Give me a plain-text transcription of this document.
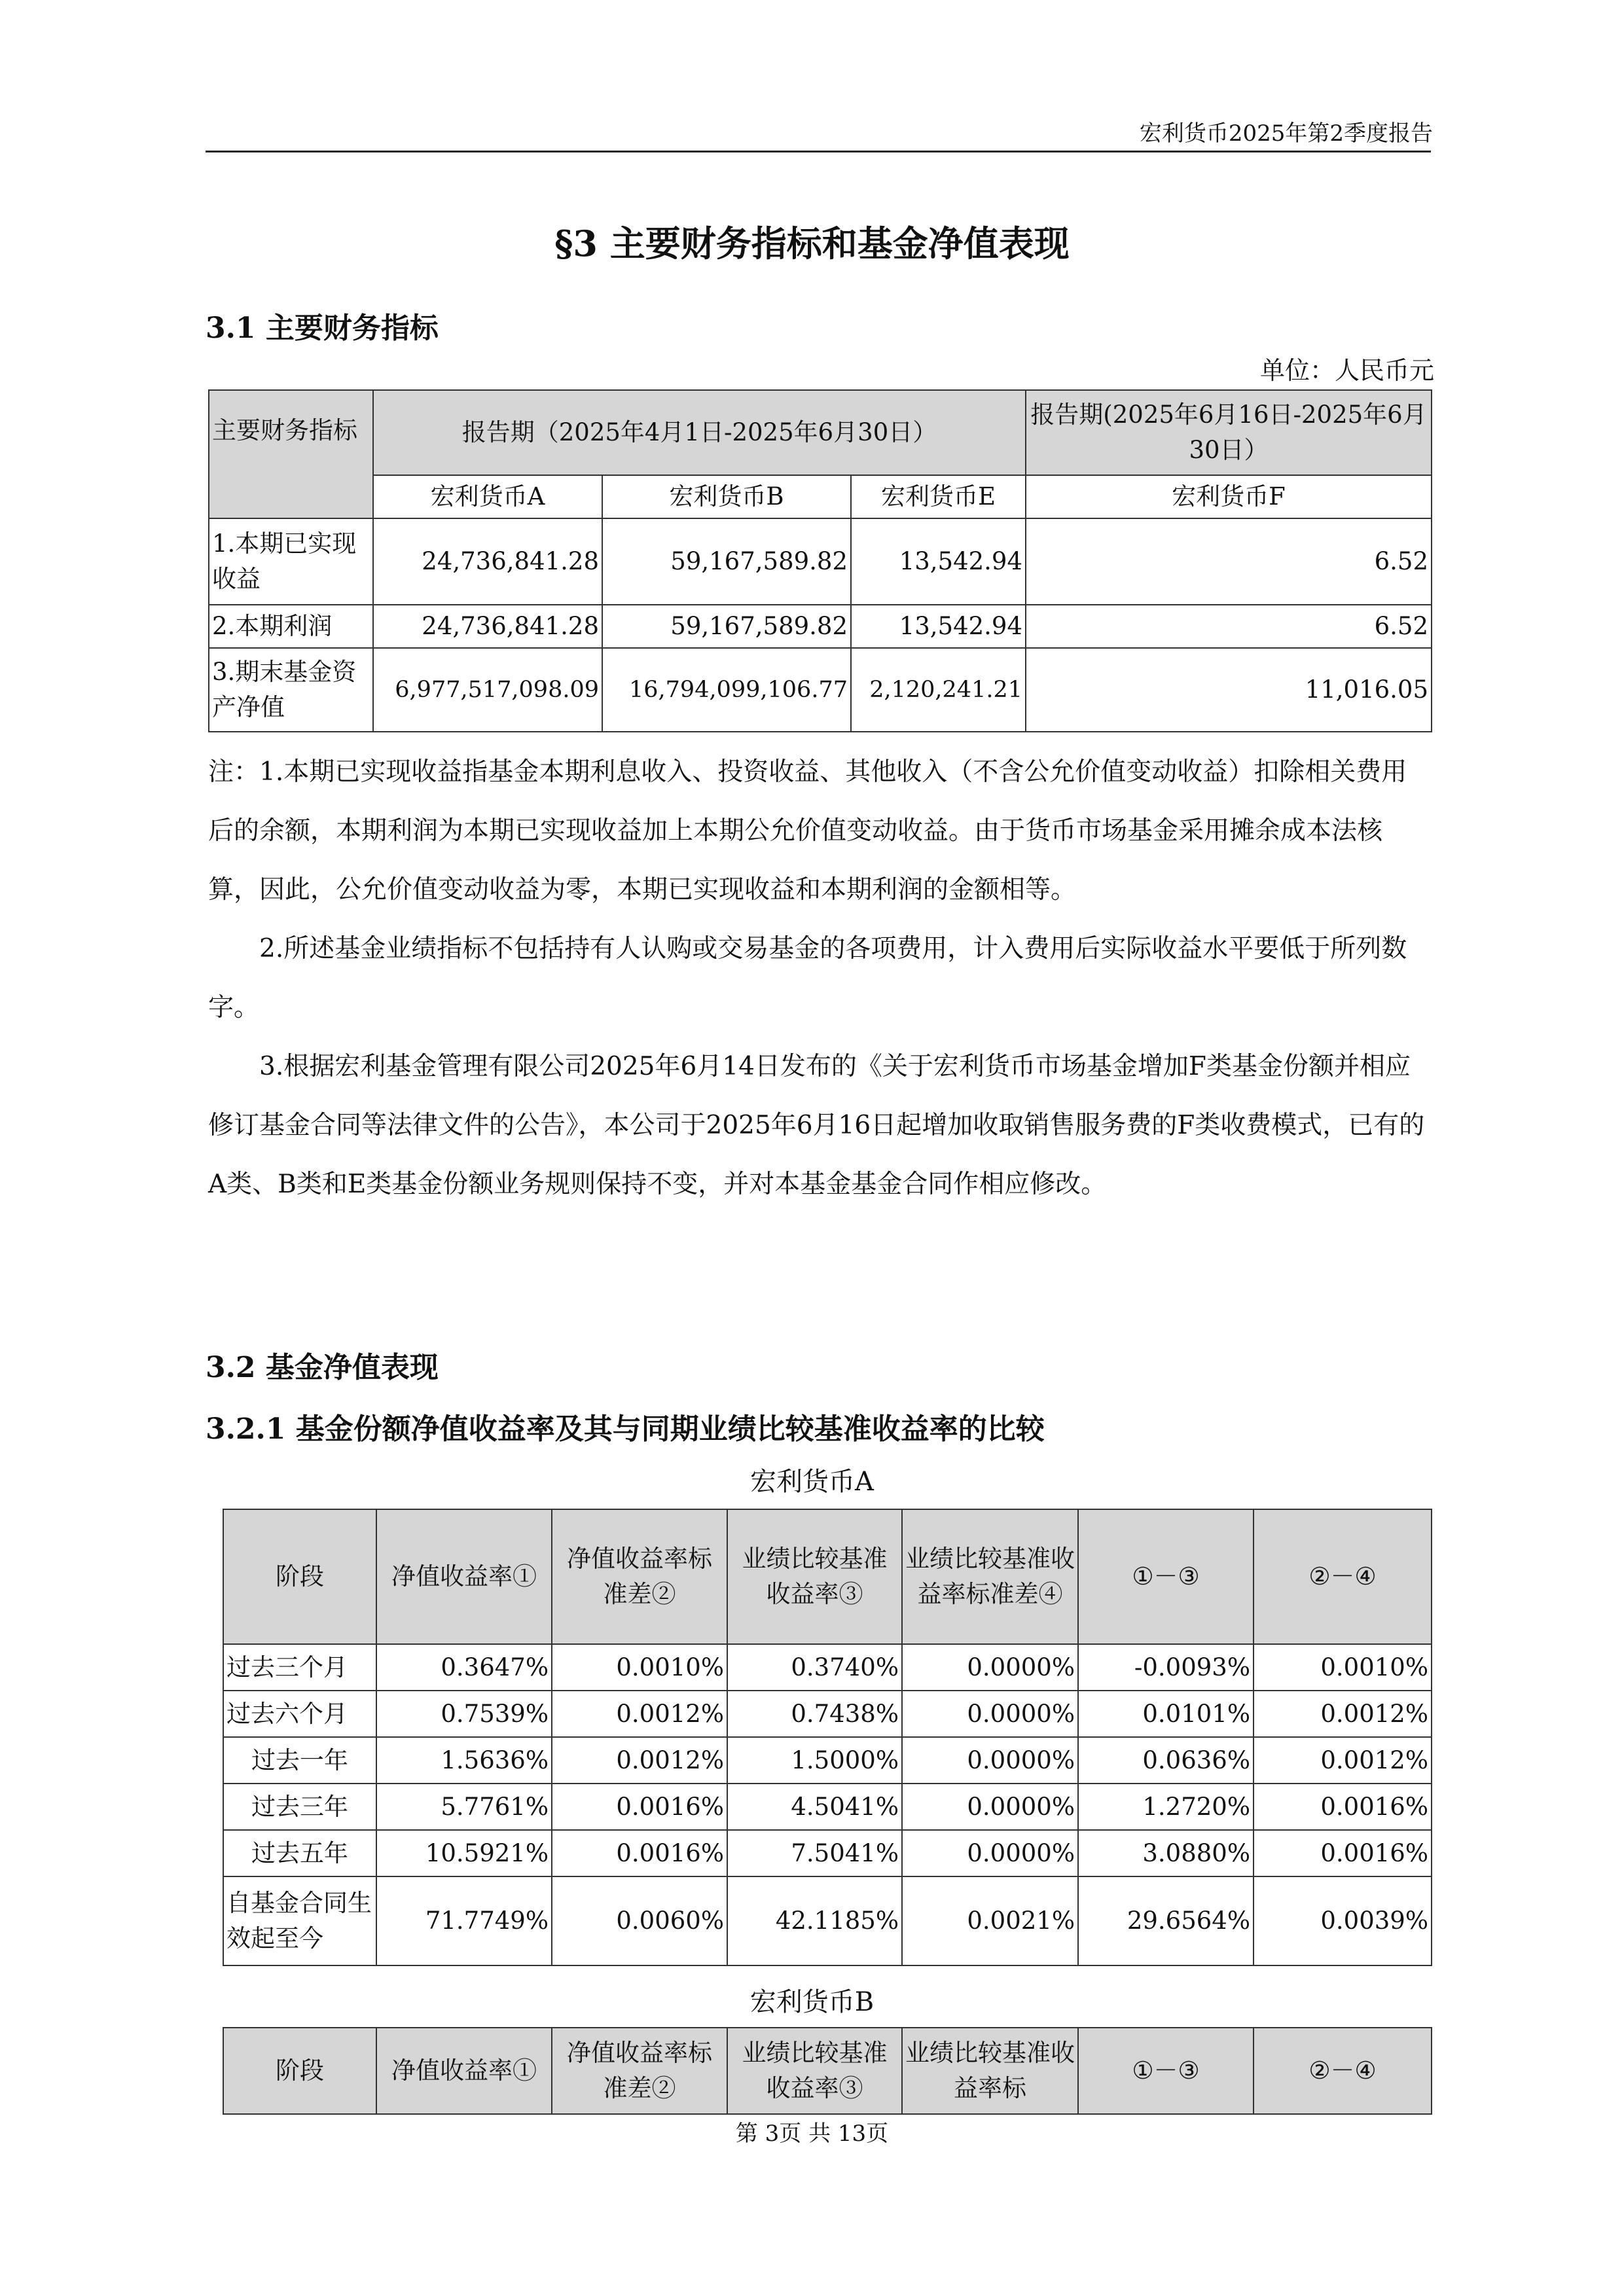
宏利货币2025年第2季度报告
§3 主要财务指标和基金净值表现
3.1 主要财务指标
单位：人民币元
主要财务指标	报告期（2025年4月1日-2025年6月30日）			报告期(2025年6月16日-2025年6月30日）
	宏利货币A	宏利货币B	宏利货币E	宏利货币F
1.本期已实现收益	24,736,841.28	59,167,589.82	13,542.94	6.52
2.本期利润	24,736,841.28	59,167,589.82	13,542.94	6.52
3.期末基金资产净值	6,977,517,098.09	16,794,099,106.77	2,120,241.21	11,016.05
注：1.本期已实现收益指基金本期利息收入、投资收益、其他收入（不含公允价值变动收益）扣除相关费用后的余额，本期利润为本期已实现收益加上本期公允价值变动收益。由于货币市场基金采用摊余成本法核算，因此，公允价值变动收益为零，本期已实现收益和本期利润的金额相等。
2.所述基金业绩指标不包括持有人认购或交易基金的各项费用，计入费用后实际收益水平要低于所列数字。
3.根据宏利基金管理有限公司2025年6月14日发布的《关于宏利货币市场基金增加F类基金份额并相应修订基金合同等法律文件的公告》，本公司于2025年6月16日起增加收取销售服务费的F类收费模式，已有的A类、B类和E类基金份额业务规则保持不变，并对本基金基金合同作相应修改。
3.2 基金净值表现
3.2.1 基金份额净值收益率及其与同期业绩比较基准收益率的比较
宏利货币A
阶段	净值收益率①	净值收益率标准差②	业绩比较基准收益率③	业绩比较基准收益率标准差④	①－③	②－④
过去三个月	0.3647%	0.0010%	0.3740%	0.0000%	-0.0093%	0.0010%
过去六个月	0.7539%	0.0012%	0.7438%	0.0000%	0.0101%	0.0012%
过去一年	1.5636%	0.0012%	1.5000%	0.0000%	0.0636%	0.0012%
过去三年	5.7761%	0.0016%	4.5041%	0.0000%	1.2720%	0.0016%
过去五年	10.5921%	0.0016%	7.5041%	0.0000%	3.0880%	0.0016%
自基金合同生效起至今	71.7749%	0.0060%	42.1185%	0.0021%	29.6564%	0.0039%
宏利货币B
阶段	净值收益率①	净值收益率标准差②	业绩比较基准收益率③	业绩比较基准收益率标	①－③	②－④
第 3页 共 13页
